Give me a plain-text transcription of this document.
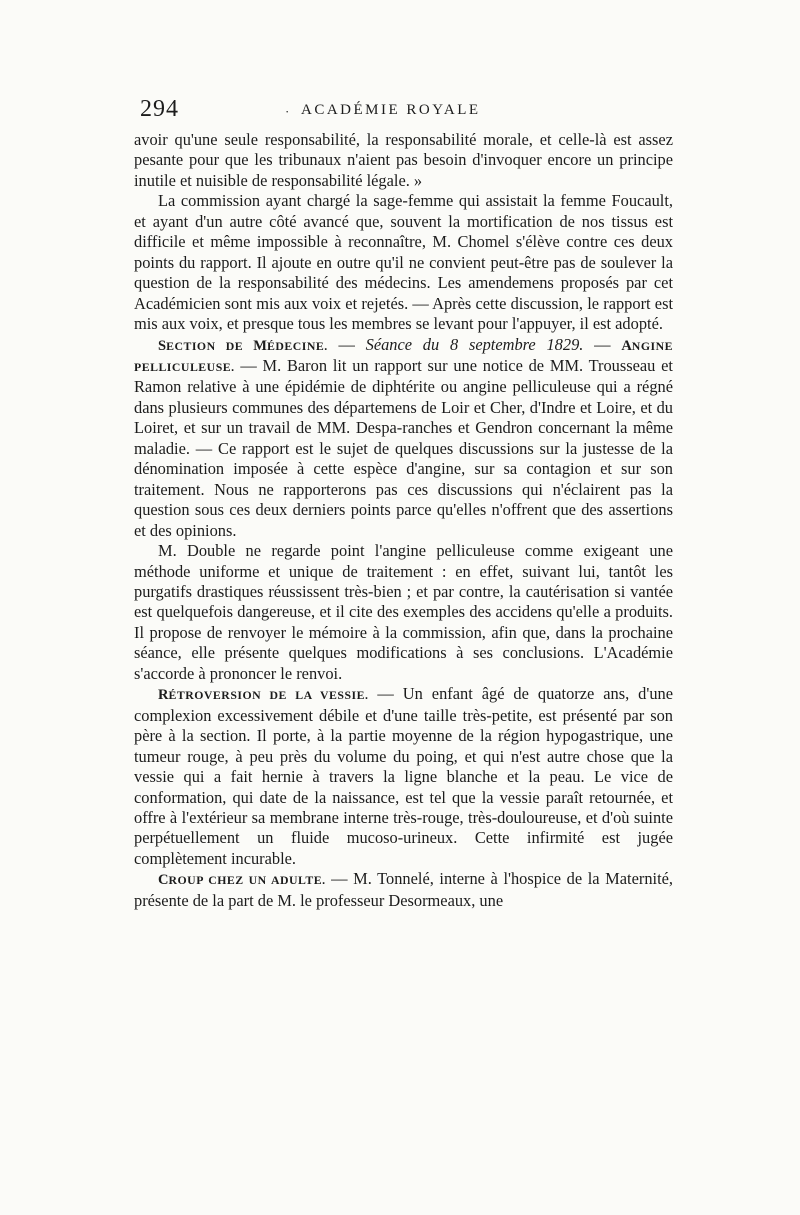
294	· ACADÉMIE ROYALE

avoir qu'une seule responsabilité, la responsabilité morale, et celle-là est assez pesante pour que les tribunaux n'aient pas besoin d'invoquer encore un principe inutile et nuisible de responsabilité légale. »

La commission ayant chargé la sage-femme qui assistait la femme Foucault, et ayant d'un autre côté avancé que, souvent la mortification de nos tissus est difficile et même impossible à reconnaître, M. Chomel s'élève contre ces deux points du rapport. Il ajoute en outre qu'il ne convient peut-être pas de soulever la question de la responsabilité des médecins. Les amendemens proposés par cet Académicien sont mis aux voix et rejetés. — Après cette discussion, le rapport est mis aux voix, et presque tous les membres se levant pour l'appuyer, il est adopté.

SECTION DE MÉDECINE. — Séance du 8 septembre 1829. — ANGINE PELLICULEUSE. — M. Baron lit un rapport sur une notice de MM. Trousseau et Ramon relative à une épidémie de diphtérite ou angine pelliculeuse qui a régné dans plusieurs communes des départemens de Loir et Cher, d'Indre et Loire, et du Loiret, et sur un travail de MM. Despa-ranches et Gendron concernant la même maladie. — Ce rapport est le sujet de quelques discussions sur la justesse de la dénomination imposée à cette espèce d'angine, sur sa contagion et sur son traitement. Nous ne rapporterons pas ces discussions qui n'éclairent pas la question sous ces deux derniers points parce qu'elles n'offrent que des assertions et des opinions.

M. Double ne regarde point l'angine pelliculeuse comme exigeant une méthode uniforme et unique de traitement : en effet, suivant lui, tantôt les purgatifs drastiques réussissent très-bien ; et par contre, la cautérisation si vantée est quelquefois dangereuse, et il cite des exemples des accidens qu'elle a produits. Il propose de renvoyer le mémoire à la commission, afin que, dans la prochaine séance, elle présente quelques modifications à ses conclusions. L'Académie s'accorde à prononcer le renvoi.

RÉTROVERSION DE LA VESSIE. — Un enfant âgé de quatorze ans, d'une complexion excessivement débile et d'une taille très-petite, est présenté par son père à la section. Il porte, à la partie moyenne de la région hypogastrique, une tumeur rouge, à peu près du volume du poing, et qui n'est autre chose que la vessie qui a fait hernie à travers la ligne blanche et la peau. Le vice de conformation, qui date de la naissance, est tel que la vessie paraît retournée, et offre à l'extérieur sa membrane interne très-rouge, très-douloureuse, et d'où suinte perpétuellement un fluide mucoso-urineux. Cette infirmité est jugée complètement incurable.

CROUP CHEZ UN ADULTE. — M. Tonnelé, interne à l'hospice de la Maternité, présente de la part de M. le professeur Desormeaux, une
